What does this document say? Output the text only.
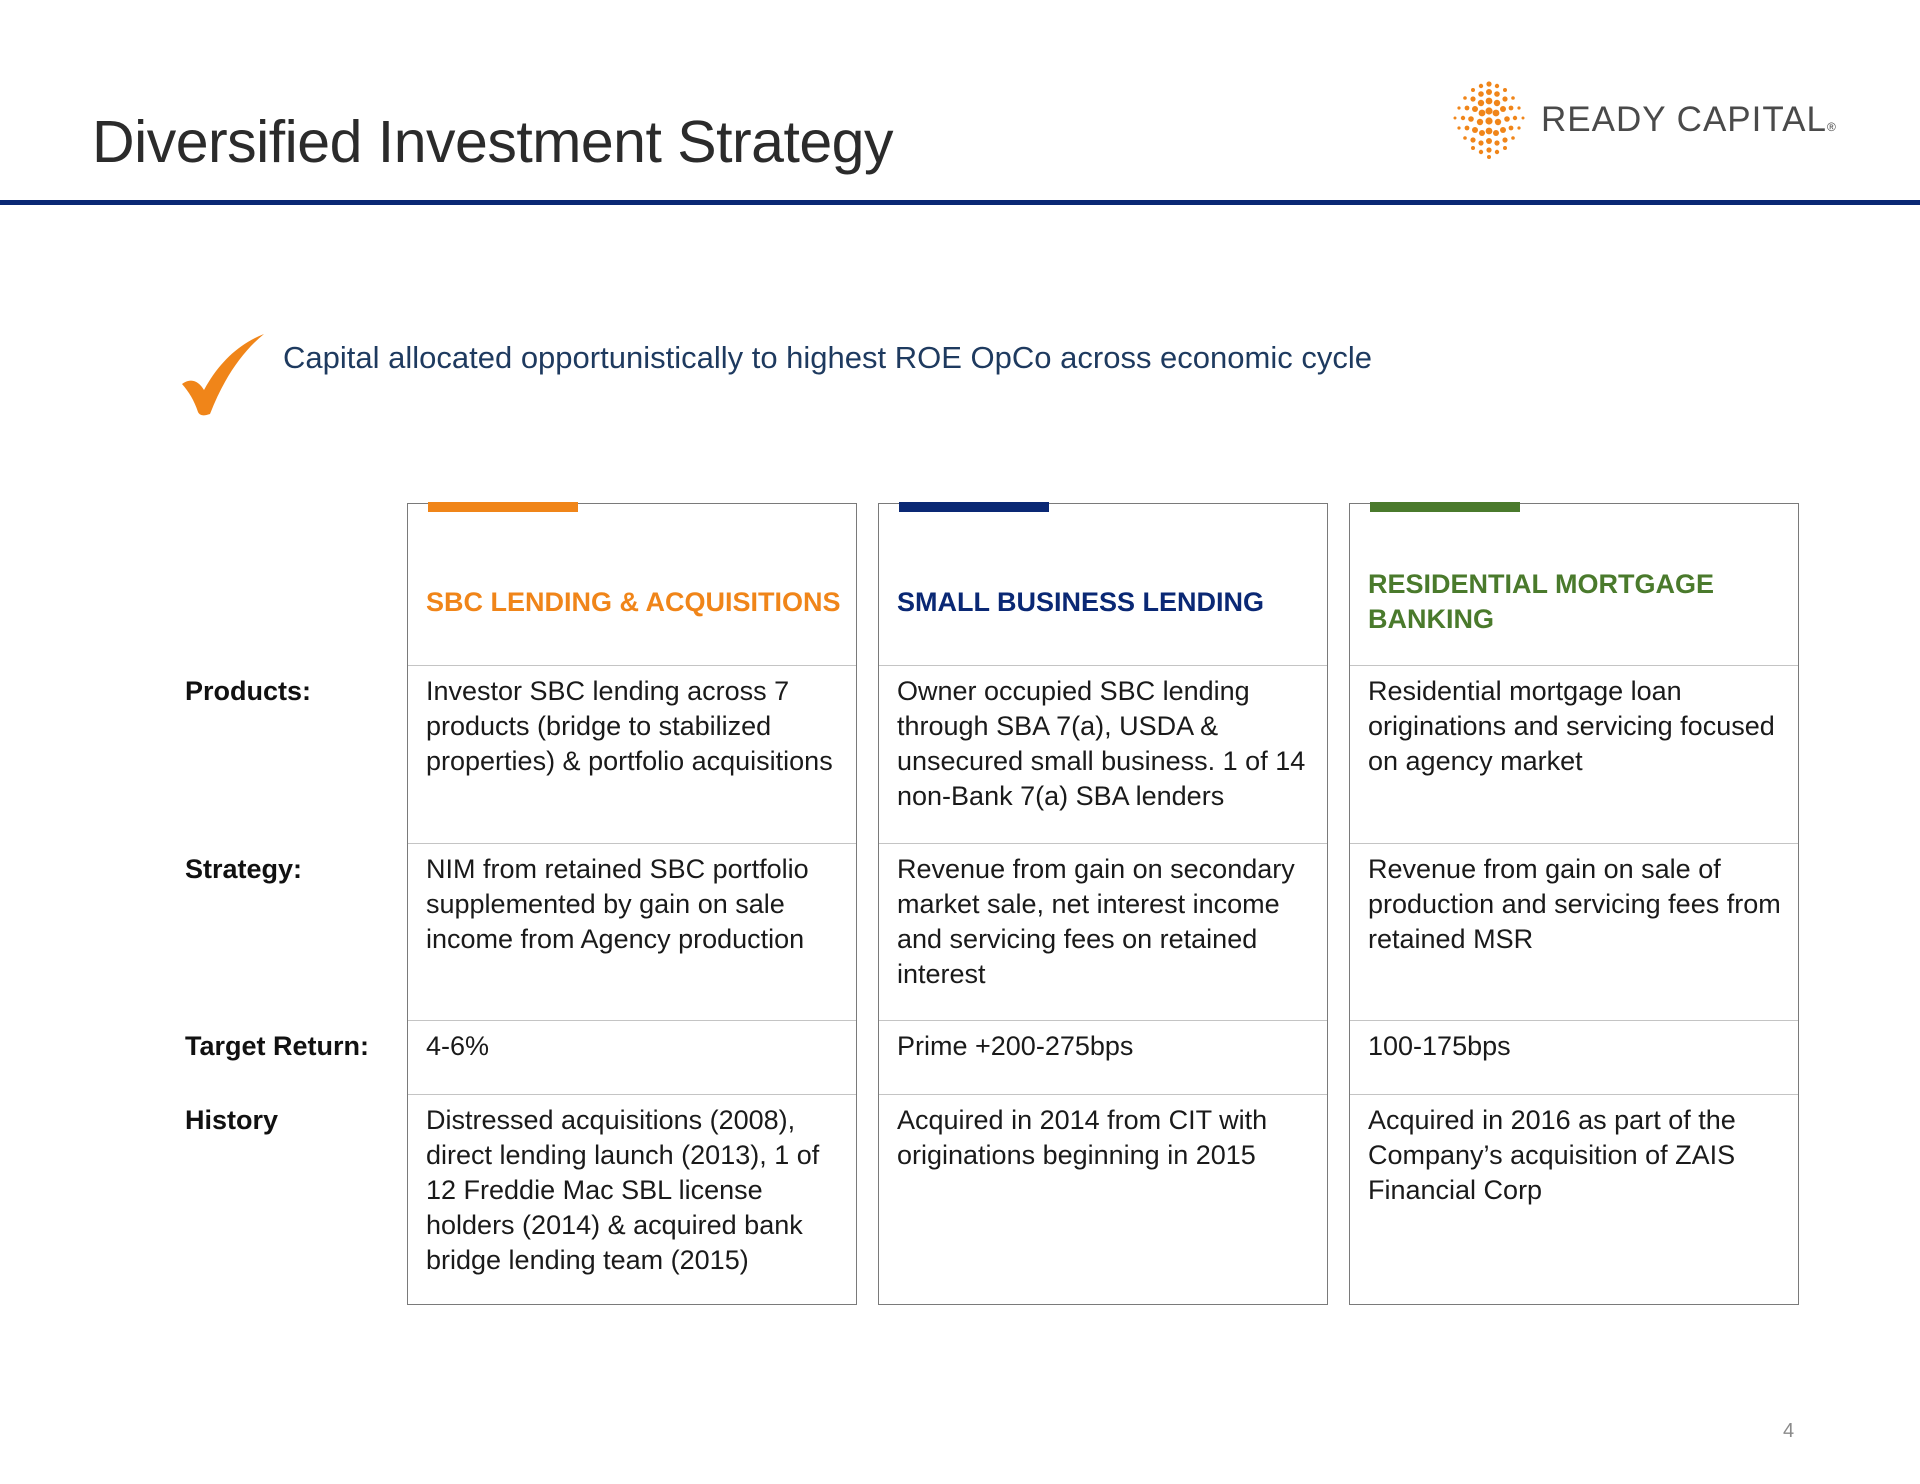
Diversified Investment Strategy	READY CAPITAL®
Capital allocated opportunistically to highest ROE OpCo across economic cycle
Products:
Strategy:
Target Return:
History
SBC LENDING & ACQUISITIONS
Investor SBC lending across 7 products (bridge to stabilized properties) & portfolio acquisitions
NIM from retained SBC portfolio supplemented by gain on sale income from Agency production
4-6%
Distressed acquisitions (2008), direct lending launch (2013), 1 of 12 Freddie Mac SBL license holders (2014) & acquired bank bridge lending team (2015)
SMALL BUSINESS LENDING
Owner occupied SBC lending through SBA 7(a), USDA & unsecured small business. 1 of 14 non-Bank 7(a) SBA lenders
Revenue from gain on secondary market sale, net interest income and servicing fees on retained interest
Prime +200-275bps
Acquired in 2014 from CIT with originations beginning in 2015
RESIDENTIAL MORTGAGE BANKING
Residential mortgage loan originations and servicing focused on agency market
Revenue from gain on sale of production and servicing fees from retained MSR
100-175bps
Acquired in 2016 as part of the Company’s acquisition of ZAIS Financial Corp
4
